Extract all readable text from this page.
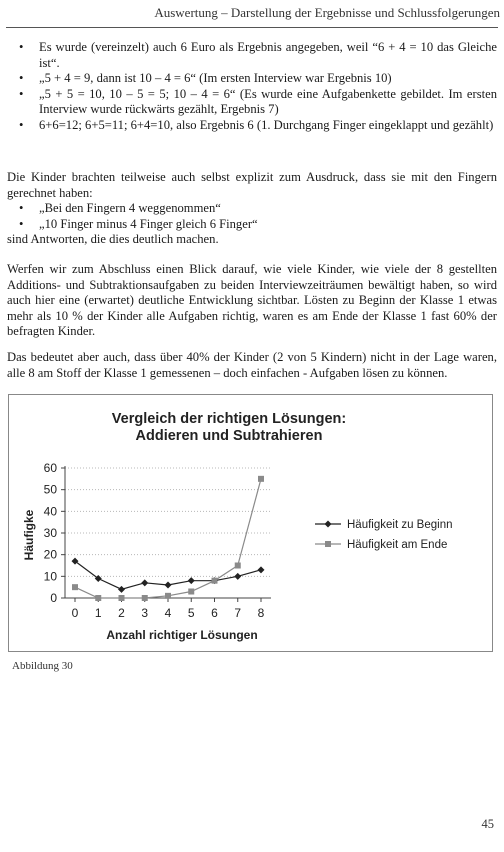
Auswertung – Darstellung der Ergebnisse und Schlussfolgerungen
• Es wurde (vereinzelt) auch 6 Euro als Ergebnis angegeben, weil “6 + 4 = 10 das Gleiche ist“.
• „5 + 4 = 9, dann ist 10 – 4 = 6“ (Im ersten Interview war Ergebnis 10)
• „5 + 5 = 10, 10 – 5 = 5; 10 – 4 = 6“ (Es wurde eine Aufgabenkette gebildet. Im ersten Interview wurde rückwärts gezählt, Ergebnis 7)
• 6+6=12; 6+5=11; 6+4=10, also Ergebnis 6 (1. Durchgang Finger eingeklappt und gezählt)

Die Kinder brachten teilweise auch selbst explizit zum Ausdruck, dass sie mit den Fingern gerechnet haben:

• „Bei den Fingern 4 weggenommen“
• „10 Finger minus 4 Finger gleich 6 Finger“

sind Antworten, die dies deutlich machen.

Werfen wir zum Abschluss einen Blick darauf, wie viele Kinder, wie viele der 8 gestellten Additions- und Subtraktionsaufgaben zu beiden Interviewzeiträumen bewältigt haben, so wird auch hier eine (erwartet) deutliche Entwicklung sichtbar. Lösten zu Beginn der Klasse 1 etwas mehr als 10 % der Kinder alle Aufgaben richtig, waren es am Ende der Klasse 1 fast 60% der befragten Kinder.

Das bedeutet aber auch, dass über 40% der Kinder (2 von 5 Kindern) nicht in der Lage waren, alle 8 am Stoff der Klasse 1 gemessenen – doch einfachen - Aufgaben lösen zu können.

Vergleich der richtigen Lösungen:
Addieren und Subtrahieren
0
10
20
30
40
50
60
0 1 2 3 4 5 6 7 8
Anzahl richtiger Lösungen
Häufigke	Häufigkeit zu Beginn
Häufigkeit am Ende
Abbildung 30
45
